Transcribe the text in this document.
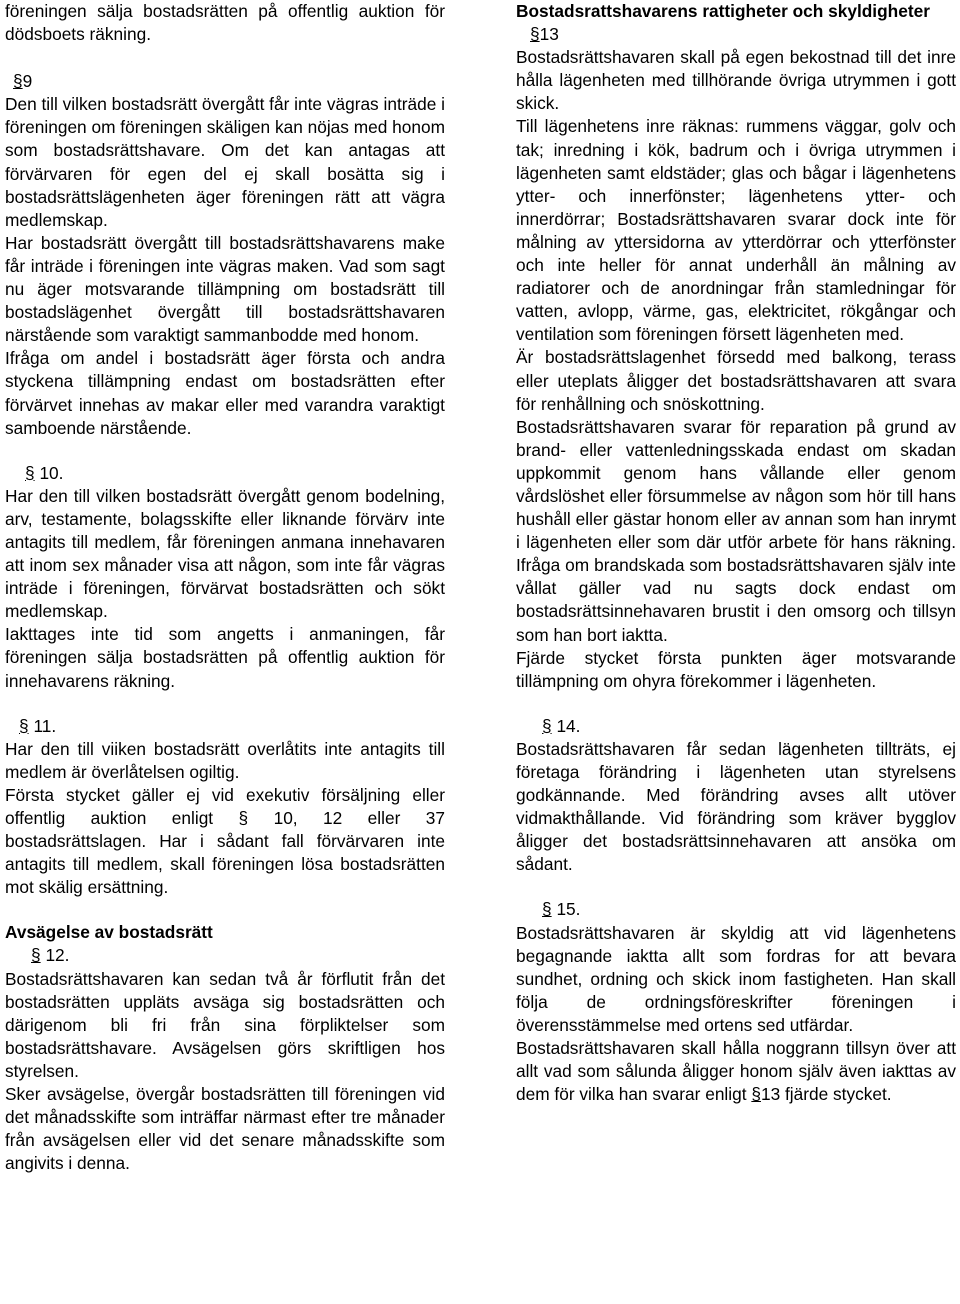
föreningen sälja bostadsrätten på offentlig auktion för dödsboets räkning.

§9

Den till vilken bostadsrätt övergått får inte vägras inträde i föreningen om föreningen skäligen kan nöjas med honom som bostadsrättshavare. Om det kan antagas att förvärvaren för egen del ej skall bosätta sig i bostadsrättslägenheten äger föreningen rätt att vägra medlemskap.

Har bostadsrätt övergått till bostadsrättshavarens make får inträde i föreningen inte vägras maken. Vad som sagt nu äger motsvarande tillämpning om bostadsrätt till bostadslägenhet övergått till bostadsrättshavaren närstående som varaktigt sammanbodde med honom.

Ifråga om andel i bostadsrätt äger första och andra styckena tillämpning endast om bostadsrätten efter förvärvet innehas av makar eller med varandra varaktigt samboende närstående.

§ 10.

Har den till vilken bostadsrätt övergått genom bodelning, arv, testamente, bolagsskifte eller liknande förvärv inte antagits till medlem, får föreningen anmana innehavaren att inom sex månader visa att någon, som inte får vägras inträde i föreningen, förvärvat bostadsrätten och sökt medlemskap.

Iakttages inte tid som angetts i anmaningen, får föreningen sälja bostadsrätten på offentlig auktion för innehavarens räkning.

§ 11.

Har den till viiken bostadsrätt overlåtits inte antagits till medlem är överlåtelsen ogiltig.

Första stycket gäller ej vid exekutiv försäljning eller offentlig auktion enligt § 10, 12 eller 37 bostadsrättslagen. Har i sådant fall förvärvaren inte antagits till medlem, skall föreningen lösa bostadsrätten mot skälig ersättning.

Avsägelse av bostadsrätt

§ 12.

Bostadsrättshavaren kan sedan två år förflutit från det bostadsrätten uppläts avsäga sig bostadsrätten och därigenom bli fri från sina förpliktelser som bostadsrättshavare. Avsägelsen görs skriftligen hos styrelsen.

Sker avsägelse, övergår bostadsrätten till föreningen vid det månadsskifte som inträffar närmast efter tre månader från avsägelsen eller vid det senare månadsskifte som angivits i denna.

Bostadsrattshavarens rattigheter och skyldigheter

§13

Bostadsrättshavaren skall på egen bekostnad till det inre hålla lägenheten med tillhörande övriga utrymmen i gott skick.

Till lägenhetens inre räknas: rummens väggar, golv och tak; inredning i kök, badrum och i övriga utrymmen i lägenheten samt eldstäder; glas och bågar i lägenhetens ytter- och innerfönster; lägenhetens ytter- och innerdörrar; Bostadsrättshavaren svarar dock inte för målning av yttersidorna av ytterdörrar och ytterfönster och inte heller för annat underhåll än målning av radiatorer och de anordningar från stamledningar för vatten, avlopp, värme, gas, elektricitet, rökgångar och ventilation som föreningen försett lägenheten med.

Är bostadsrättslagenhet försedd med balkong, terass eller uteplats åligger det bostadsrättshavaren att svara för renhållning och snöskottning.

Bostadsrättshavaren svarar för reparation på grund av brand- eller vattenledningsskada endast om skadan uppkommit genom hans vållande eller genom vårdslöshet eller försummelse av någon som hör till hans hushåll eller gästar honom eller av annan som han inrymt i lägenheten eller som där utför arbete för hans räkning. Ifråga om brandskada som bostadsrättshavaren själv inte vållat gäller vad nu sagts dock endast om bostadsrättsinnehavaren brustit i den omsorg och tillsyn som han bort iaktta.

Fjärde stycket första punkten äger motsvarande tillämpning om ohyra förekommer i lägenheten.

§ 14.

Bostadsrättshavaren får sedan lägenheten tillträts, ej företaga förändring i lägenheten utan styrelsens godkännande. Med förändring avses allt utöver vidmakthållande. Vid förändring som kräver bygglov åligger det bostadsrättsinnehavaren att ansöka om sådant.

§ 15.

Bostadsrättshavaren är skyldig att vid lägenhetens begagnande iaktta allt som fordras for att bevara sundhet, ordning och skick inom fastigheten. Han skall följa de ordningsföreskrifter föreningen i överensstämmelse med ortens sed utfärdar.

Bostadsrättshavaren skall hålla noggrann tillsyn över att allt vad som sålunda åligger honom själv även iakttas av dem för vilka han svarar enligt §13 fjärde stycket.
